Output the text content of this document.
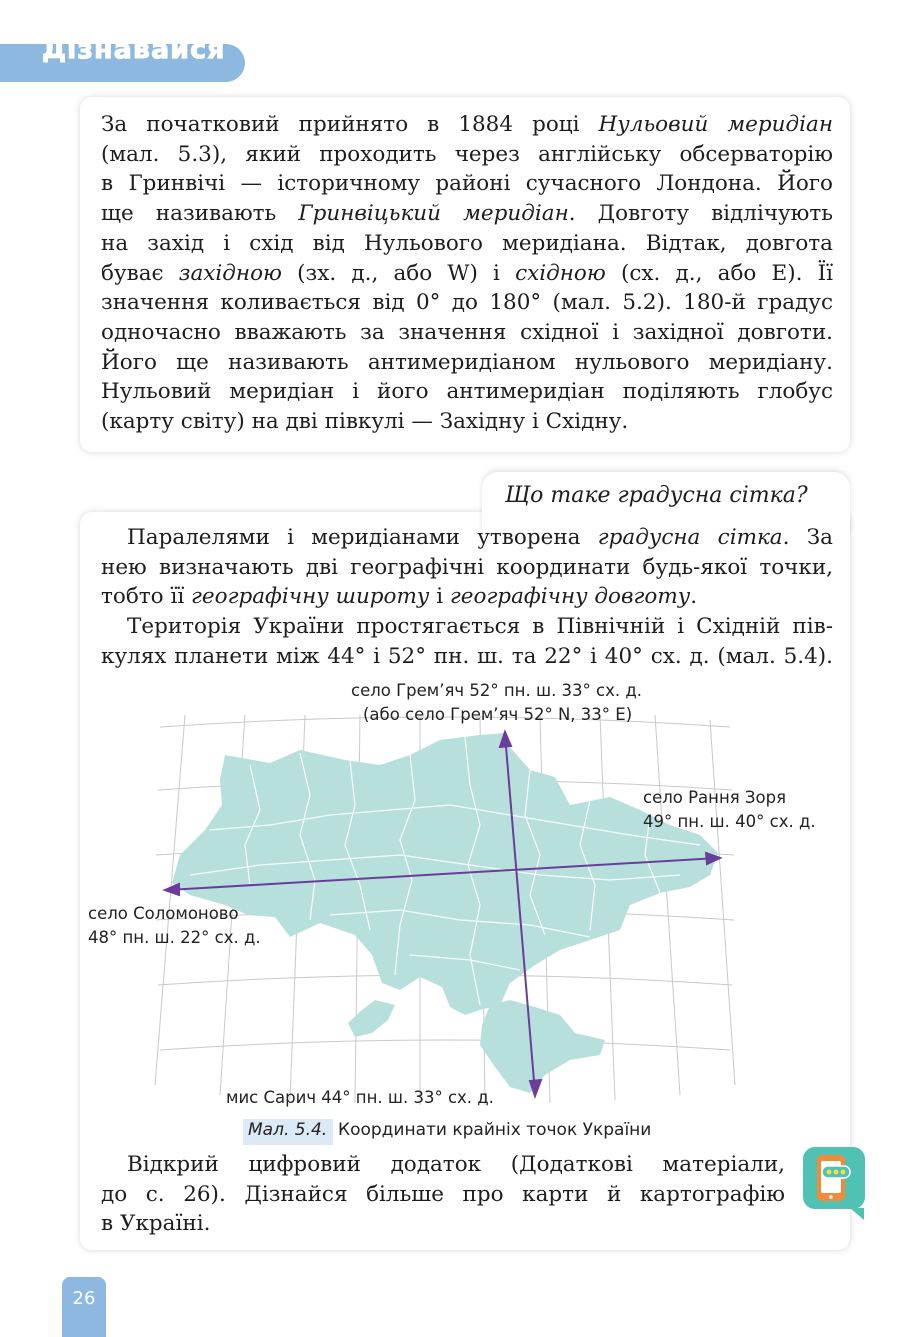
Дізнавайся
За початковий прийнято в 1884 році Нульовий меридіан
(мал. 5.3), який проходить через англійську обсерваторію
в Гринвічі — історичному районі сучасного Лондона. Його
ще називають Гринвіцький меридіан. Довготу відлічують
на захід і схід від Нульового меридіана. Відтак, довгота
буває західною (зх. д., або W) і східною (сх. д., або E). Її
значення коливається від 0° до 180° (мал. 5.2). 180-й градус
одночасно вважають за значення східної і західної довготи.
Його ще називають антимеридіаном нульового меридіану.
Нульовий меридіан і його антимеридіан поділяють глобус
(карту світу) на дві півкулі — Західну і Східну.
Що таке градусна сітка?
Паралелями і меридіанами утворена градусна сітка. За
нею визначають дві географічні координати будь-якої точки,
тобто її географічну широту і географічну довготу.
Територія України простягається в Північній і Східній пів-
кулях планети між 44° і 52° пн. ш. та 22° і 40° сх. д. (мал. 5.4).
село Грем’яч 52° пн. ш. 33° сх. д.
(або село Грем’яч 52° N, 33° E)
село Рання Зоря
49° пн. ш. 40° сх. д.
село Соломоново
48° пн. ш. 22° сх. д.
мис Сарич 44° пн. ш. 33° сх. д.
Мал. 5.4. Координати крайніх точок України
Відкрий цифровий додаток (Додаткові матеріали,
до с. 26). Дізнайся більше про карти й картографію
в Україні.
26
